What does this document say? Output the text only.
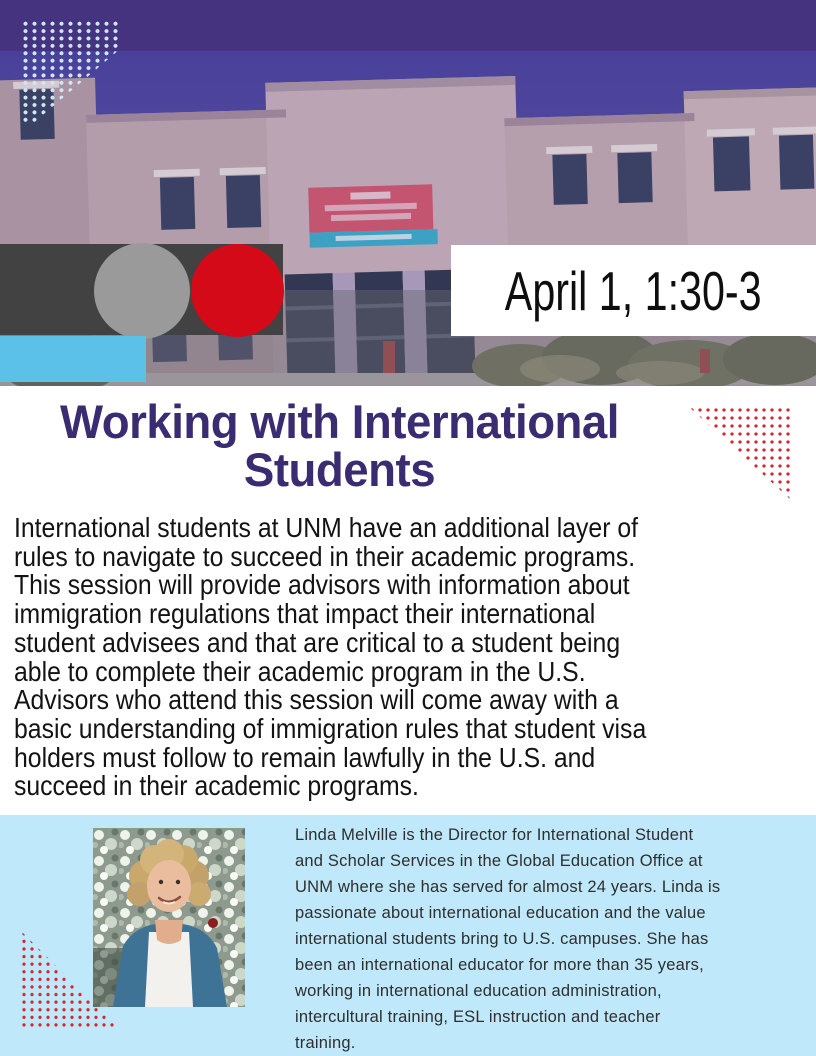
April 1, 1:30-3
Working with International
Students
International students at UNM have an additional layer of
rules to navigate to succeed in their academic programs.
This session will provide advisors with information about
immigration regulations that impact their international
student advisees and that are critical to a student being
able to complete their academic program in the U.S.
Advisors who attend this session will come away with a
basic understanding of immigration rules that student visa
holders must follow to remain lawfully in the U.S. and
succeed in their academic programs.
Linda Melville is the Director for International Student
and Scholar Services in the Global Education Office at
UNM where she has served for almost 24 years. Linda is
passionate about international education and the value
international students bring to U.S. campuses. She has
been an international educator for more than 35 years,
working in international education administration,
intercultural training, ESL instruction and teacher
training.
